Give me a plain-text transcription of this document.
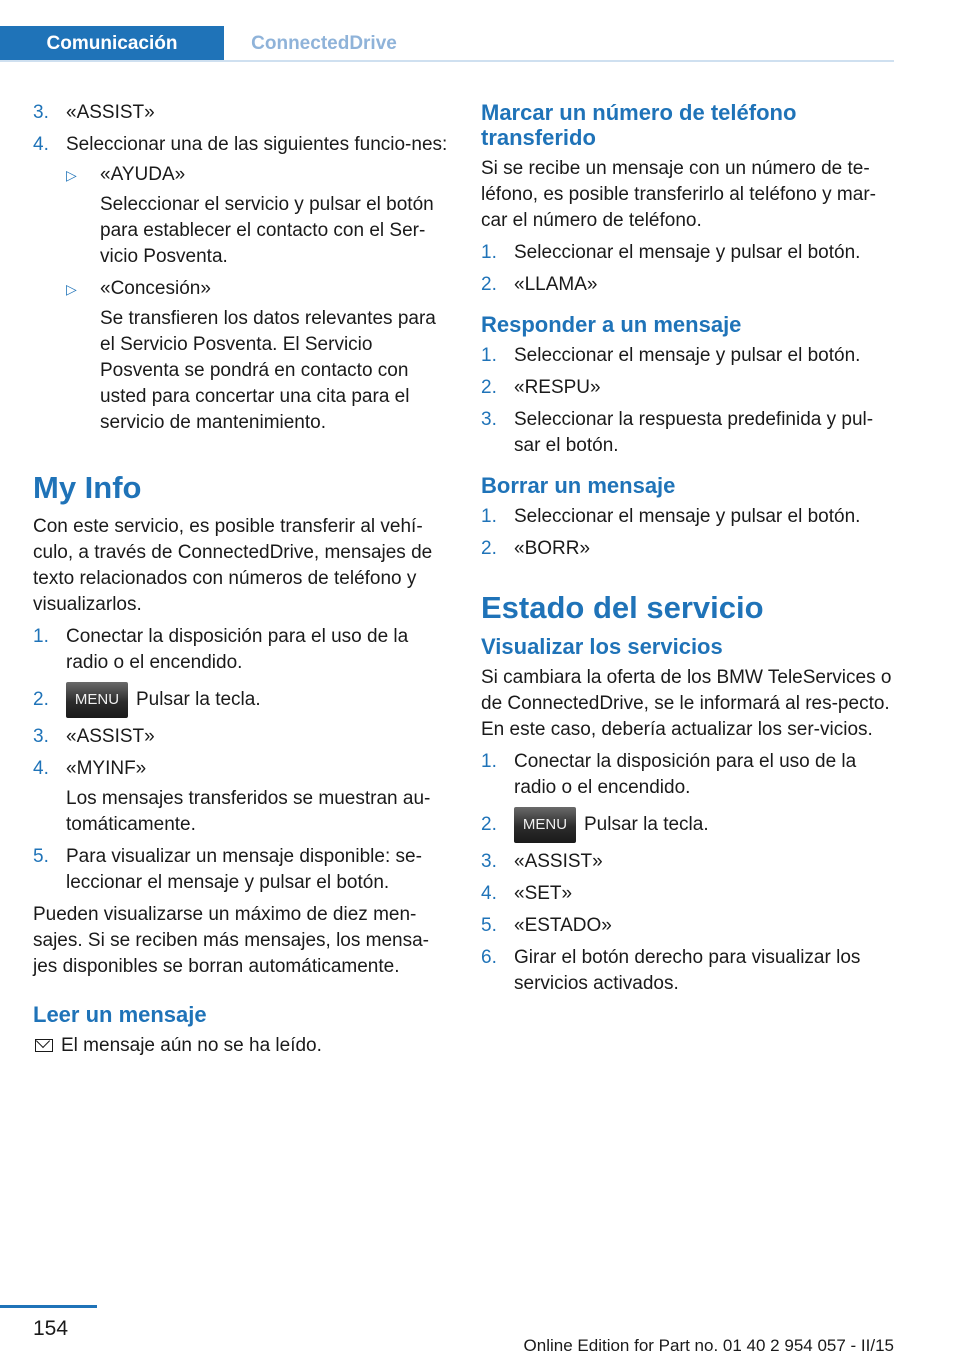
Comunicación	ConnectedDrive
3. «ASSIST»
4. Seleccionar una de las siguientes funcio‐nes:
▷	«AYUDA»
Seleccionar el servicio y pulsar el botón para establecer el contacto con el Ser‐vicio Posventa.
▷	«Concesión»
Se transfieren los datos relevantes para el Servicio Posventa. El Servicio Posventa se pondrá en contacto con usted para concertar una cita para el servicio de mantenimiento.
My Info

Con este servicio, es posible transferir al vehí‐culo, a través de ConnectedDrive, mensajes de texto relacionados con números de teléfono y visualizarlos.

1. Conectar la disposición para el uso de la radio o el encendido.
2.	MENU Pulsar la tecla.
3. «ASSIST»
4. «MYINF»
Los mensajes transferidos se muestran au‐tomáticamente.
5. Para visualizar un mensaje disponible: se‐leccionar el mensaje y pulsar el botón.

Pueden visualizarse un máximo de diez men‐sajes. Si se reciben más mensajes, los mensa‐jes disponibles se borran automáticamente.

Leer un mensaje
El mensaje aún no se ha leído.
Marcar un número de teléfono transferido

Si se recibe un mensaje con un número de te‐léfono, es posible transferirlo al teléfono y mar‐car el número de teléfono.

1. Seleccionar el mensaje y pulsar el botón.
2. «LLAMA»
Responder a un mensaje
1. Seleccionar el mensaje y pulsar el botón.
2. «RESPU»
3. Seleccionar la respuesta predefinida y pul‐sar el botón.
Borrar un mensaje
1. Seleccionar el mensaje y pulsar el botón.
2. «BORR»
Estado del servicio
Visualizar los servicios

Si cambiara la oferta de los BMW TeleServices o de ConnectedDrive, se le informará al res‐pecto. En este caso, debería actualizar los ser‐vicios.

1. Conectar la disposición para el uso de la radio o el encendido.
2.	MENU Pulsar la tecla.
3. «ASSIST»
4. «SET»
5. «ESTADO»
6. Girar el botón derecho para visualizar los servicios activados.
154
Online Edition for Part no. 01 40 2 954 057 - II/15
